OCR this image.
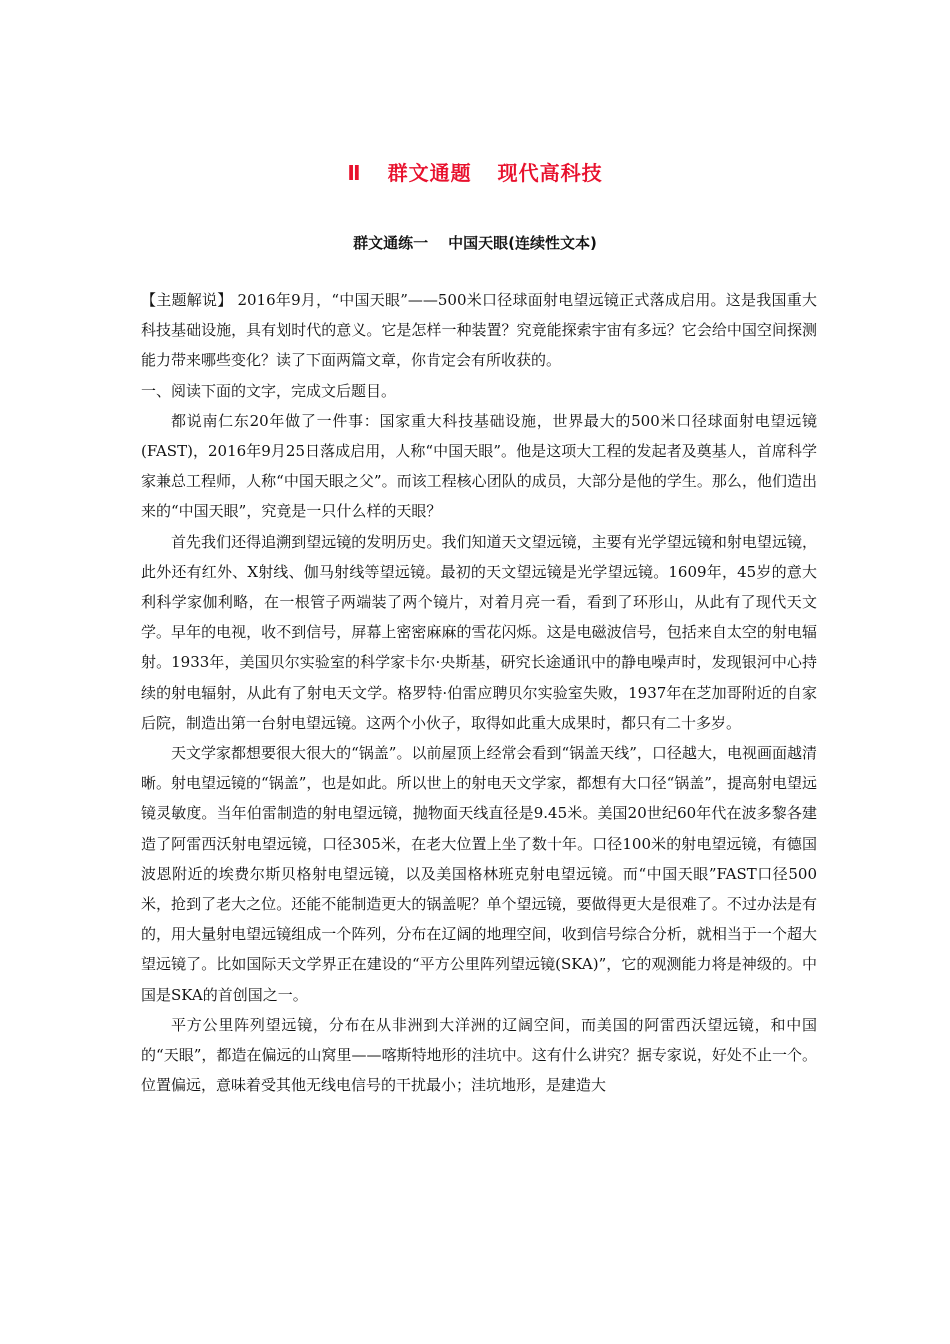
Ⅱ 群文通题 现代高科技
群文通练一 中国天眼(连续性文本)

【主题解说】 2016年9月，“中国天眼”——500米口径球面射电望远镜正式落成启用。这是我国重大科技基础设施，具有划时代的意义。它是怎样一种装置？究竟能探索宇宙有多远？它会给中国空间探测能力带来哪些变化？读了下面两篇文章，你肯定会有所收获的。

一、阅读下面的文字，完成文后题目。

都说南仁东20年做了一件事：国家重大科技基础设施，世界最大的500米口径球面射电望远镜(FAST)，2016年9月25日落成启用，人称“中国天眼”。他是这项大工程的发起者及奠基人，首席科学家兼总工程师，人称“中国天眼之父”。而该工程核心团队的成员，大部分是他的学生。那么，他们造出来的“中国天眼”，究竟是一只什么样的天眼？

首先我们还得追溯到望远镜的发明历史。我们知道天文望远镜，主要有光学望远镜和射电望远镜，此外还有红外、X射线、伽马射线等望远镜。最初的天文望远镜是光学望远镜。1609年，45岁的意大利科学家伽利略，在一根管子两端装了两个镜片，对着月亮一看，看到了环形山，从此有了现代天文学。早年的电视，收不到信号，屏幕上密密麻麻的雪花闪烁。这是电磁波信号，包括来自太空的射电辐射。1933年，美国贝尔实验室的科学家卡尔·央斯基，研究长途通讯中的静电噪声时，发现银河中心持续的射电辐射，从此有了射电天文学。格罗特·伯雷应聘贝尔实验室失败，1937年在芝加哥附近的自家后院，制造出第一台射电望远镜。这两个小伙子，取得如此重大成果时，都只有二十多岁。

天文学家都想要很大很大的“锅盖”。以前屋顶上经常会看到“锅盖天线”，口径越大，电视画面越清晰。射电望远镜的“锅盖”，也是如此。所以世上的射电天文学家，都想有大口径“锅盖”，提高射电望远镜灵敏度。当年伯雷制造的射电望远镜，抛物面天线直径是9.45米。美国20世纪60年代在波多黎各建造了阿雷西沃射电望远镜，口径305米，在老大位置上坐了数十年。口径100米的射电望远镜，有德国波恩附近的埃费尔斯贝格射电望远镜，以及美国格林班克射电望远镜。而“中国天眼”FAST口径500米，抢到了老大之位。还能不能制造更大的锅盖呢？单个望远镜，要做得更大是很难了。不过办法是有的，用大量射电望远镜组成一个阵列，分布在辽阔的地理空间，收到信号综合分析，就相当于一个超大望远镜了。比如国际天文学界正在建设的“平方公里阵列望远镜(SKA)”，它的观测能力将是神级的。中国是SKA的首创国之一。

平方公里阵列望远镜，分布在从非洲到大洋洲的辽阔空间，而美国的阿雷西沃望远镜，和中国的“天眼”，都造在偏远的山窝里——喀斯特地形的洼坑中。这有什么讲究？据专家说，好处不止一个。位置偏远，意味着受其他无线电信号的干扰最小；洼坑地形，是建造大
